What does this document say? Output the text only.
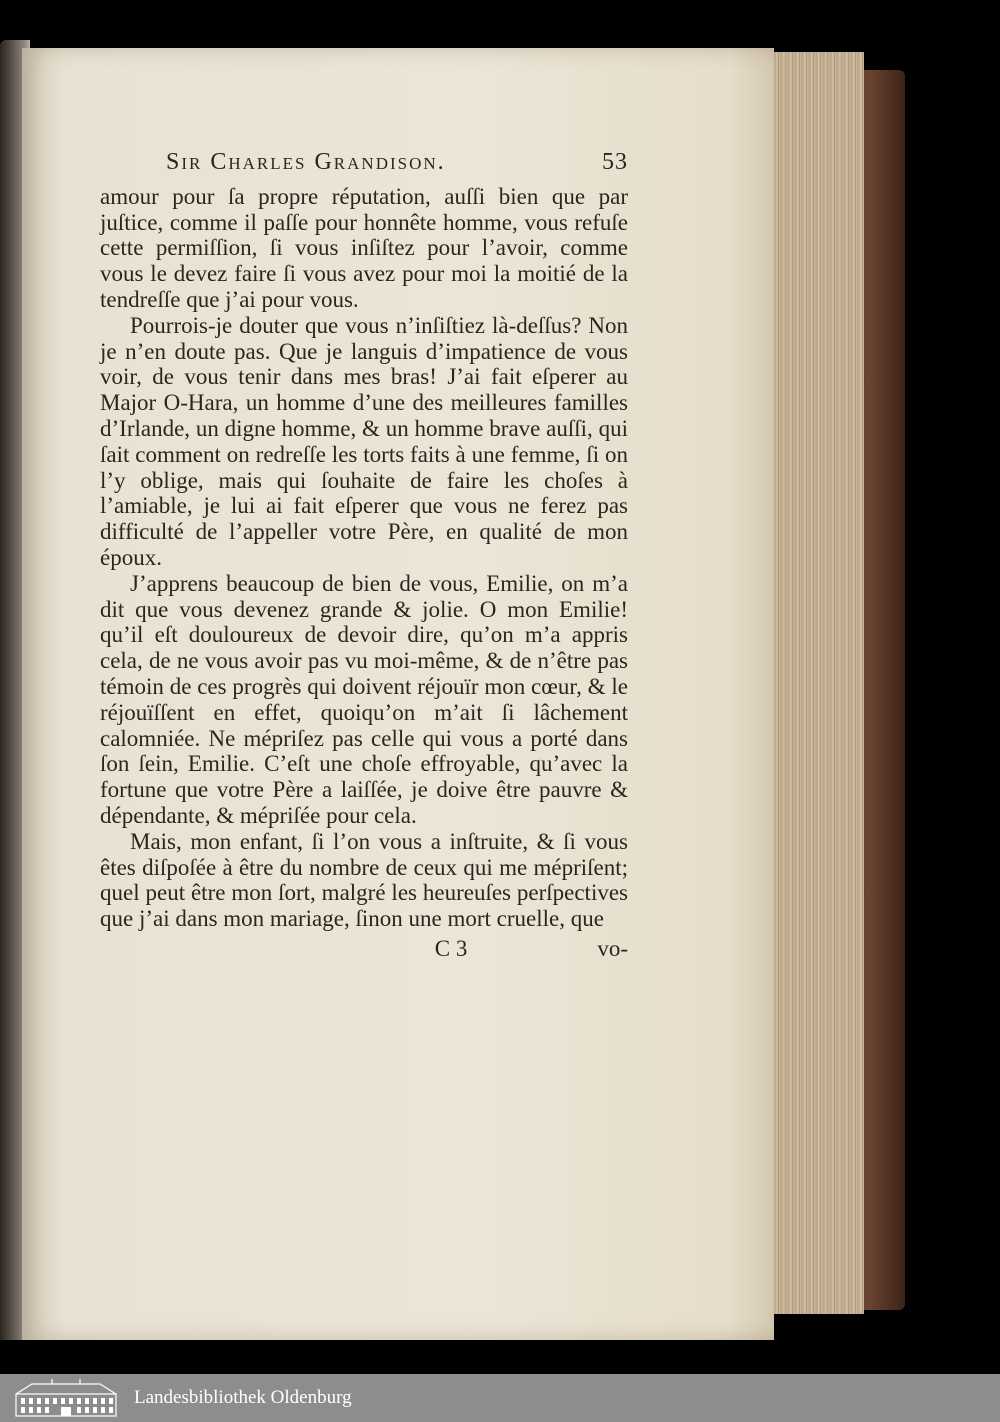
Sir Charles Grandison.	53

amour pour ſa propre réputation, auſſi bien que par juſtice, comme il paſſe pour honnête homme, vous refuſe cette permiſſion, ſi vous inſiſtez pour l’avoir, comme vous le devez faire ſi vous avez pour moi la moitié de la tendreſſe que j’ai pour vous.

Pourrois-je douter que vous n’inſiſtiez là-deſſus? Non je n’en doute pas. Que je languis d’impatience de vous voir, de vous tenir dans mes bras! J’ai fait eſperer au Major O-Hara, un homme d’une des meilleures familles d’Irlande, un digne homme, & un homme brave auſſi, qui ſait comment on redreſſe les torts faits à une femme, ſi on l’y oblige, mais qui ſouhaite de faire les choſes à l’amiable, je lui ai fait eſperer que vous ne ferez pas difficulté de l’appeller votre Père, en qualité de mon époux.

J’apprens beaucoup de bien de vous, Emilie, on m’a dit que vous devenez grande & jolie. O mon Emilie! qu’il eſt douloureux de devoir dire, qu’on m’a appris cela, de ne vous avoir pas vu moi-même, & de n’être pas témoin de ces progrès qui doivent réjouïr mon cœur, & le réjouïſſent en effet, quoiqu’on m’ait ſi lâchement calomniée. Ne mépriſez pas celle qui vous a porté dans ſon ſein, Emilie. C’eſt une choſe effroyable, qu’avec la fortune que votre Père a laiſſée, je doive être pauvre & dépendante, & mépriſée pour cela.

Mais, mon enfant, ſi l’on vous a inſtruite, & ſi vous êtes diſpoſée à être du nombre de ceux qui me mépriſent; quel peut être mon ſort, malgré les heureuſes perſpectives que j’ai dans mon mariage, ſinon une mort cruelle, que

C 3	vo-
Landesbibliothek Oldenburg
